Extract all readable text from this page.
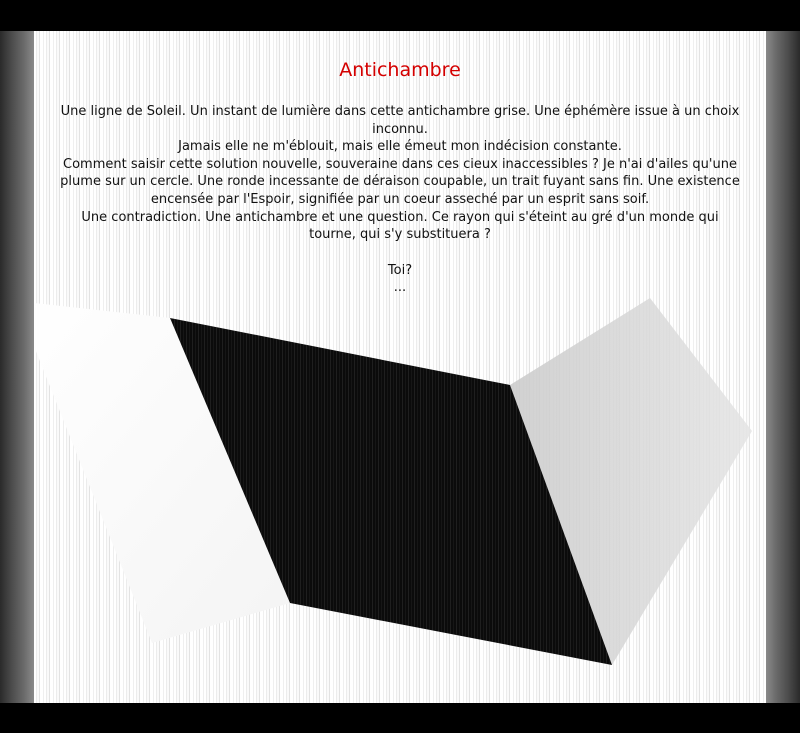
Antichambre

Une ligne de Soleil. Un instant de lumière dans cette antichambre grise. Une éphémère issue à un choix inconnu.

Jamais elle ne m'éblouit, mais elle émeut mon indécision constante.

Comment saisir cette solution nouvelle, souveraine dans ces cieux inaccessibles ? Je n'ai d'ailes qu'une plume sur un cercle. Une ronde incessante de déraison coupable, un trait fuyant sans fin. Une existence encensée par l'Espoir, signifiée par un coeur asseché par un esprit sans soif.

Une contradiction. Une antichambre et une question. Ce rayon qui s'éteint au gré d'un monde qui tourne, qui s'y substituera ?

Toi?

...
